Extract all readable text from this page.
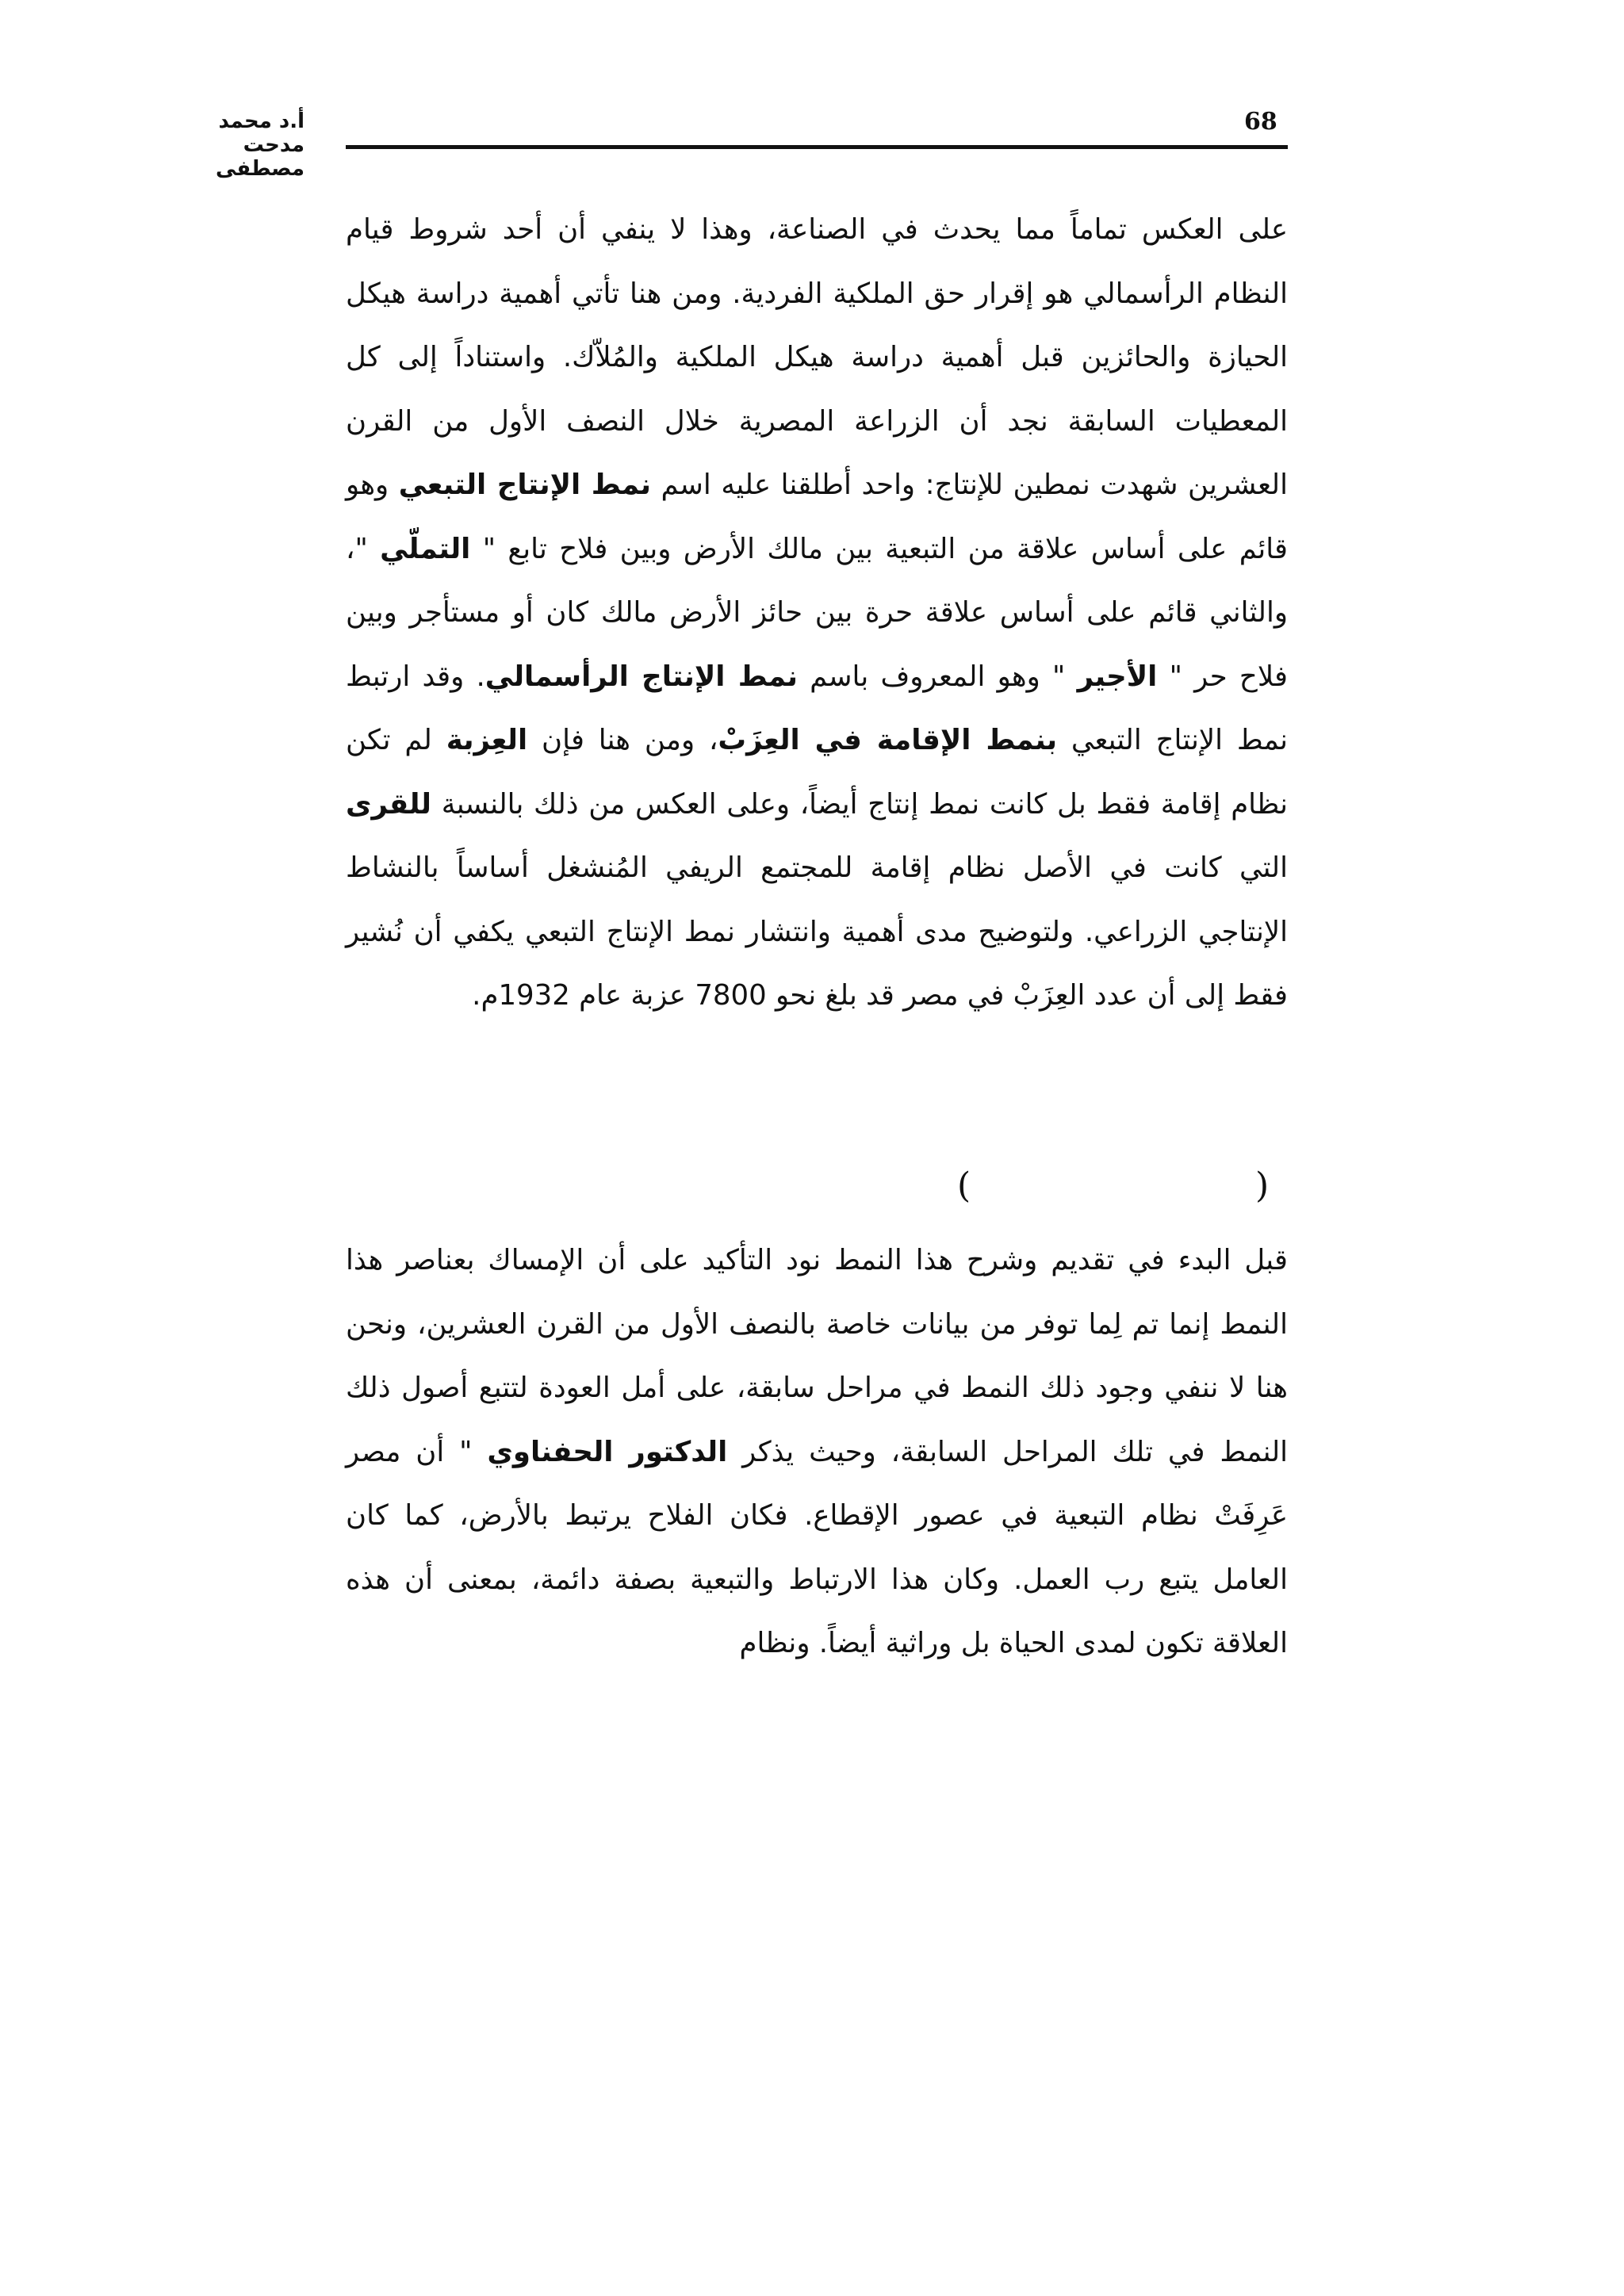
أ.د محمد مدحت مصطفى
68

على العكس تماماً مما يحدث في الصناعة، وهذا لا ينفي أن أحد شروط قيام النظام الرأسمالي هو إقرار حق الملكية الفردية. ومن هنا تأتي أهمية دراسة هيكل الحيازة والحائزين قبل أهمية دراسة هيكل الملكية والمُلاّك. واستناداً إلى كل المعطيات السابقة نجد أن الزراعة المصرية خلال النصف الأول من القرن العشرين شهدت نمطين للإنتاج: واحد أطلقنا عليه اسم نمط الإنتاج التبعي وهو قائم على أساس علاقة من التبعية بين مالك الأرض وبين فلاح تابع " التملّي "، والثاني قائم على أساس علاقة حرة بين حائز الأرض مالك كان أو مستأجر وبين فلاح حر " الأجير " وهو المعروف باسم نمط الإنتاج الرأسمالي. وقد ارتبط نمط الإنتاج التبعي بنمط الإقامة في العِزَبْ، ومن هنا فإن العِزبة لم تكن نظام إقامة فقط بل كانت نمط إنتاج أيضاً، وعلى العكس من ذلك بالنسبة للقرى التي كانت في الأصل نظام إقامة للمجتمع الريفي المُنشغل أساساً بالنشاط الإنتاجي الزراعي. ولتوضيح مدى أهمية وانتشار نمط الإنتاج التبعي يكفي أن نُشير فقط إلى أن عدد العِزَبْ في مصر قد بلغ نحو 7800 عزبة عام 1932م.

)
(

قبل البدء في تقديم وشرح هذا النمط نود التأكيد على أن الإمساك بعناصر هذا النمط إنما تم لِما توفر من بيانات خاصة بالنصف الأول من القرن العشرين، ونحن هنا لا ننفي وجود ذلك النمط في مراحل سابقة، على أمل العودة لتتبع أصول ذلك النمط في تلك المراحل السابقة، وحيث يذكر الدكتور الحفناوي " أن مصر عَرِفَتْ نظام التبعية في عصور الإقطاع. فكان الفلاح يرتبط بالأرض، كما كان العامل يتبع رب العمل. وكان هذا الارتباط والتبعية بصفة دائمة، بمعنى أن هذه العلاقة تكون لمدى الحياة بل وراثية أيضاً. ونظام
